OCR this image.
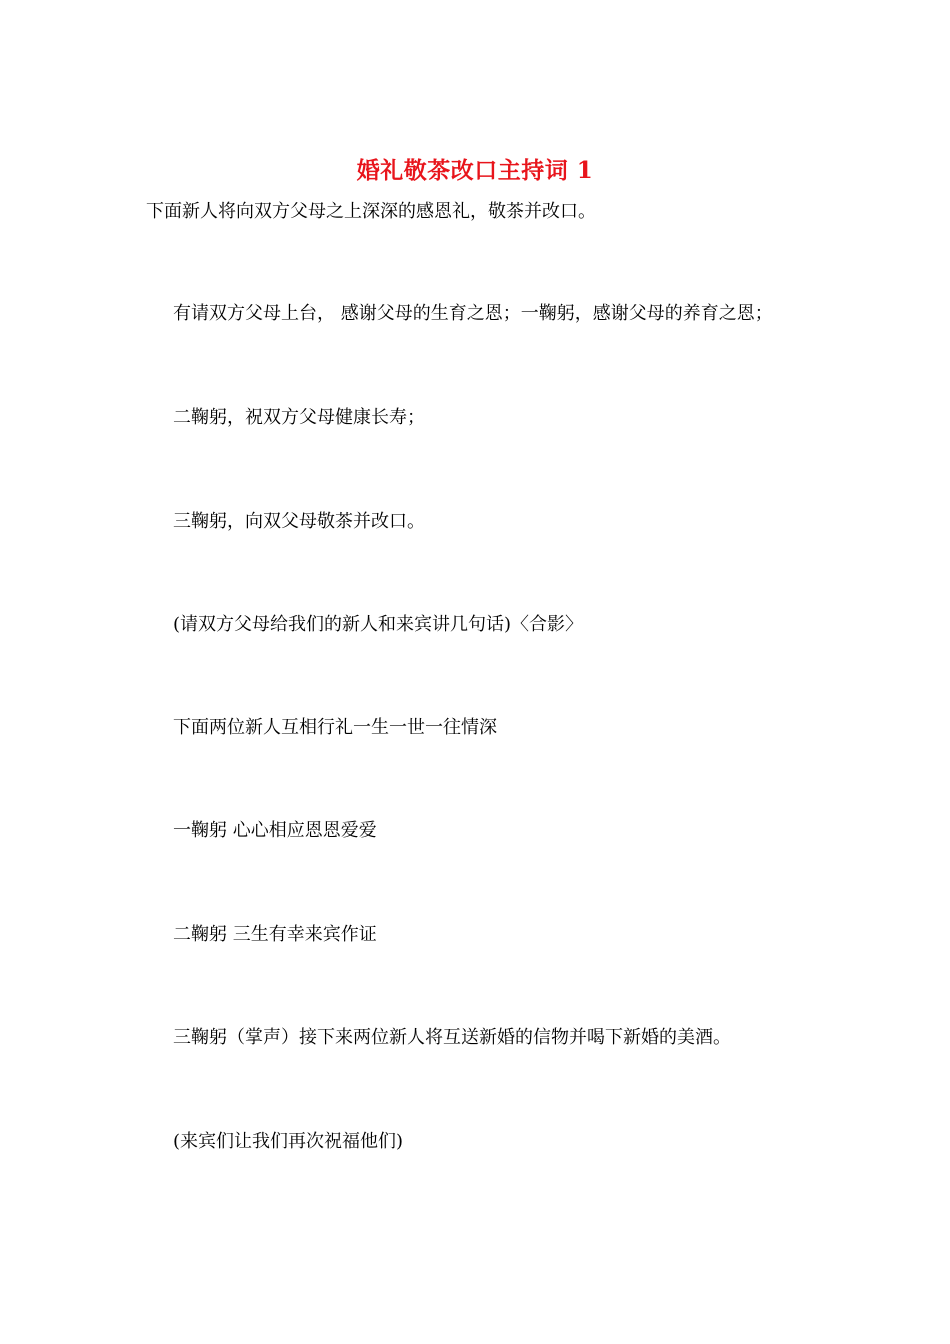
婚礼敬茶改口主持词 1
下面新人将向双方父母之上深深的感恩礼，敬茶并改口。
有请双方父母上台， 感谢父母的生育之恩；一鞠躬，感谢父母的养育之恩；
二鞠躬，祝双方父母健康长寿；
三鞠躬，向双父母敬茶并改口。
(请双方父母给我们的新人和来宾讲几句话)〈合影〉
下面两位新人互相行礼一生一世一往情深
一鞠躬 心心相应恩恩爱爱
二鞠躬 三生有幸来宾作证
三鞠躬（掌声）接下来两位新人将互送新婚的信物并喝下新婚的美酒。
(来宾们让我们再次祝福他们)
